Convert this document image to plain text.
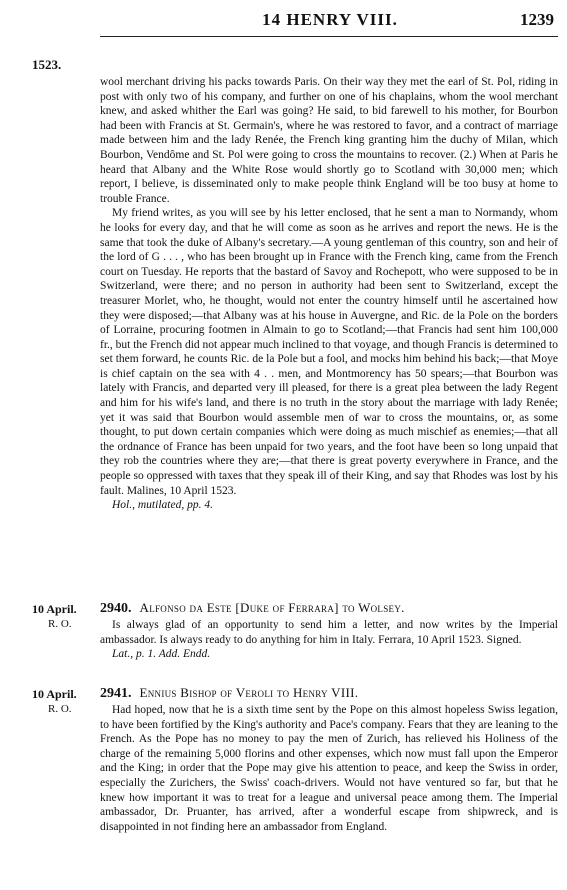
14 HENRY VIII.	1239
1523.

wool merchant driving his packs towards Paris. On their way they met the earl of St. Pol, riding in post with only two of his company, and further on one of his chaplains, whom the wool merchant knew, and asked whither the Earl was going? He said, to bid farewell to his mother, for Bourbon had been with Francis at St. Germain's, where he was restored to favor, and a contract of marriage made between him and the lady Renée, the French king granting him the duchy of Milan, which Bourbon, Vendôme and St. Pol were going to cross the mountains to recover. (2.) When at Paris he heard that Albany and the White Rose would shortly go to Scotland with 30,000 men; which report, I believe, is disseminated only to make people think England will be too busy at home to trouble France.

My friend writes, as you will see by his letter enclosed, that he sent a man to Normandy, whom he looks for every day, and that he will come as soon as he arrives and report the news. He is the same that took the duke of Albany's secretary.—A young gentleman of this country, son and heir of the lord of G . . . , who has been brought up in France with the French king, came from the French court on Tuesday. He reports that the bastard of Savoy and Rochepott, who were supposed to be in Switzerland, were there; and no person in authority had been sent to Switzerland, except the treasurer Morlet, who, he thought, would not enter the country himself until he ascertained how they were disposed;—that Albany was at his house in Auvergne, and Ric. de la Pole on the borders of Lorraine, procuring footmen in Almain to go to Scotland;—that Francis had sent him 100,000 fr., but the French did not appear much inclined to that voyage, and though Francis is determined to set them forward, he counts Ric. de la Pole but a fool, and mocks him behind his back;—that Moye is chief captain on the sea with 4 . . men, and Montmorency has 50 spears;—that Bourbon was lately with Francis, and departed very ill pleased, for there is a great plea between the lady Regent and him for his wife's land, and there is no truth in the story about the marriage with lady Renée; yet it was said that Bourbon would assemble men of war to cross the mountains, or, as some thought, to put down certain companies which were doing as much mischief as enemies;—that all the ordnance of France has been unpaid for two years, and the foot have been so long unpaid that they rob the countries where they are;—that there is great poverty everywhere in France, and the people so oppressed with taxes that they speak ill of their King, and say that Rhodes was lost by his fault. Malines, 10 April 1523.

Hol., mutilated, pp. 4.

10 April.
R. O.
2940. Alfonso da Este [Duke of Ferrara] to Wolsey.

Is always glad of an opportunity to send him a letter, and now writes by the Imperial ambassador. Is always ready to do anything for him in Italy. Ferrara, 10 April 1523. Signed.

Lat., p. 1. Add. Endd.

10 April.
R. O.
2941. Ennius Bishop of Veroli to Henry VIII.

Had hoped, now that he is a sixth time sent by the Pope on this almost hopeless Swiss legation, to have been fortified by the King's authority and Pace's company. Fears that they are leaning to the French. As the Pope has no money to pay the men of Zurich, has relieved his Holiness of the charge of the remaining 5,000 florins and other expenses, which now must fall upon the Emperor and the King; in order that the Pope may give his attention to peace, and keep the Swiss in order, especially the Zurichers, the Swiss' coach-drivers. Would not have ventured so far, but that he knew how important it was to treat for a league and universal peace among them. The Imperial ambassador, Dr. Pruanter, has arrived, after a wonderful escape from shipwreck, and is disappointed in not finding here an ambassador from England.
